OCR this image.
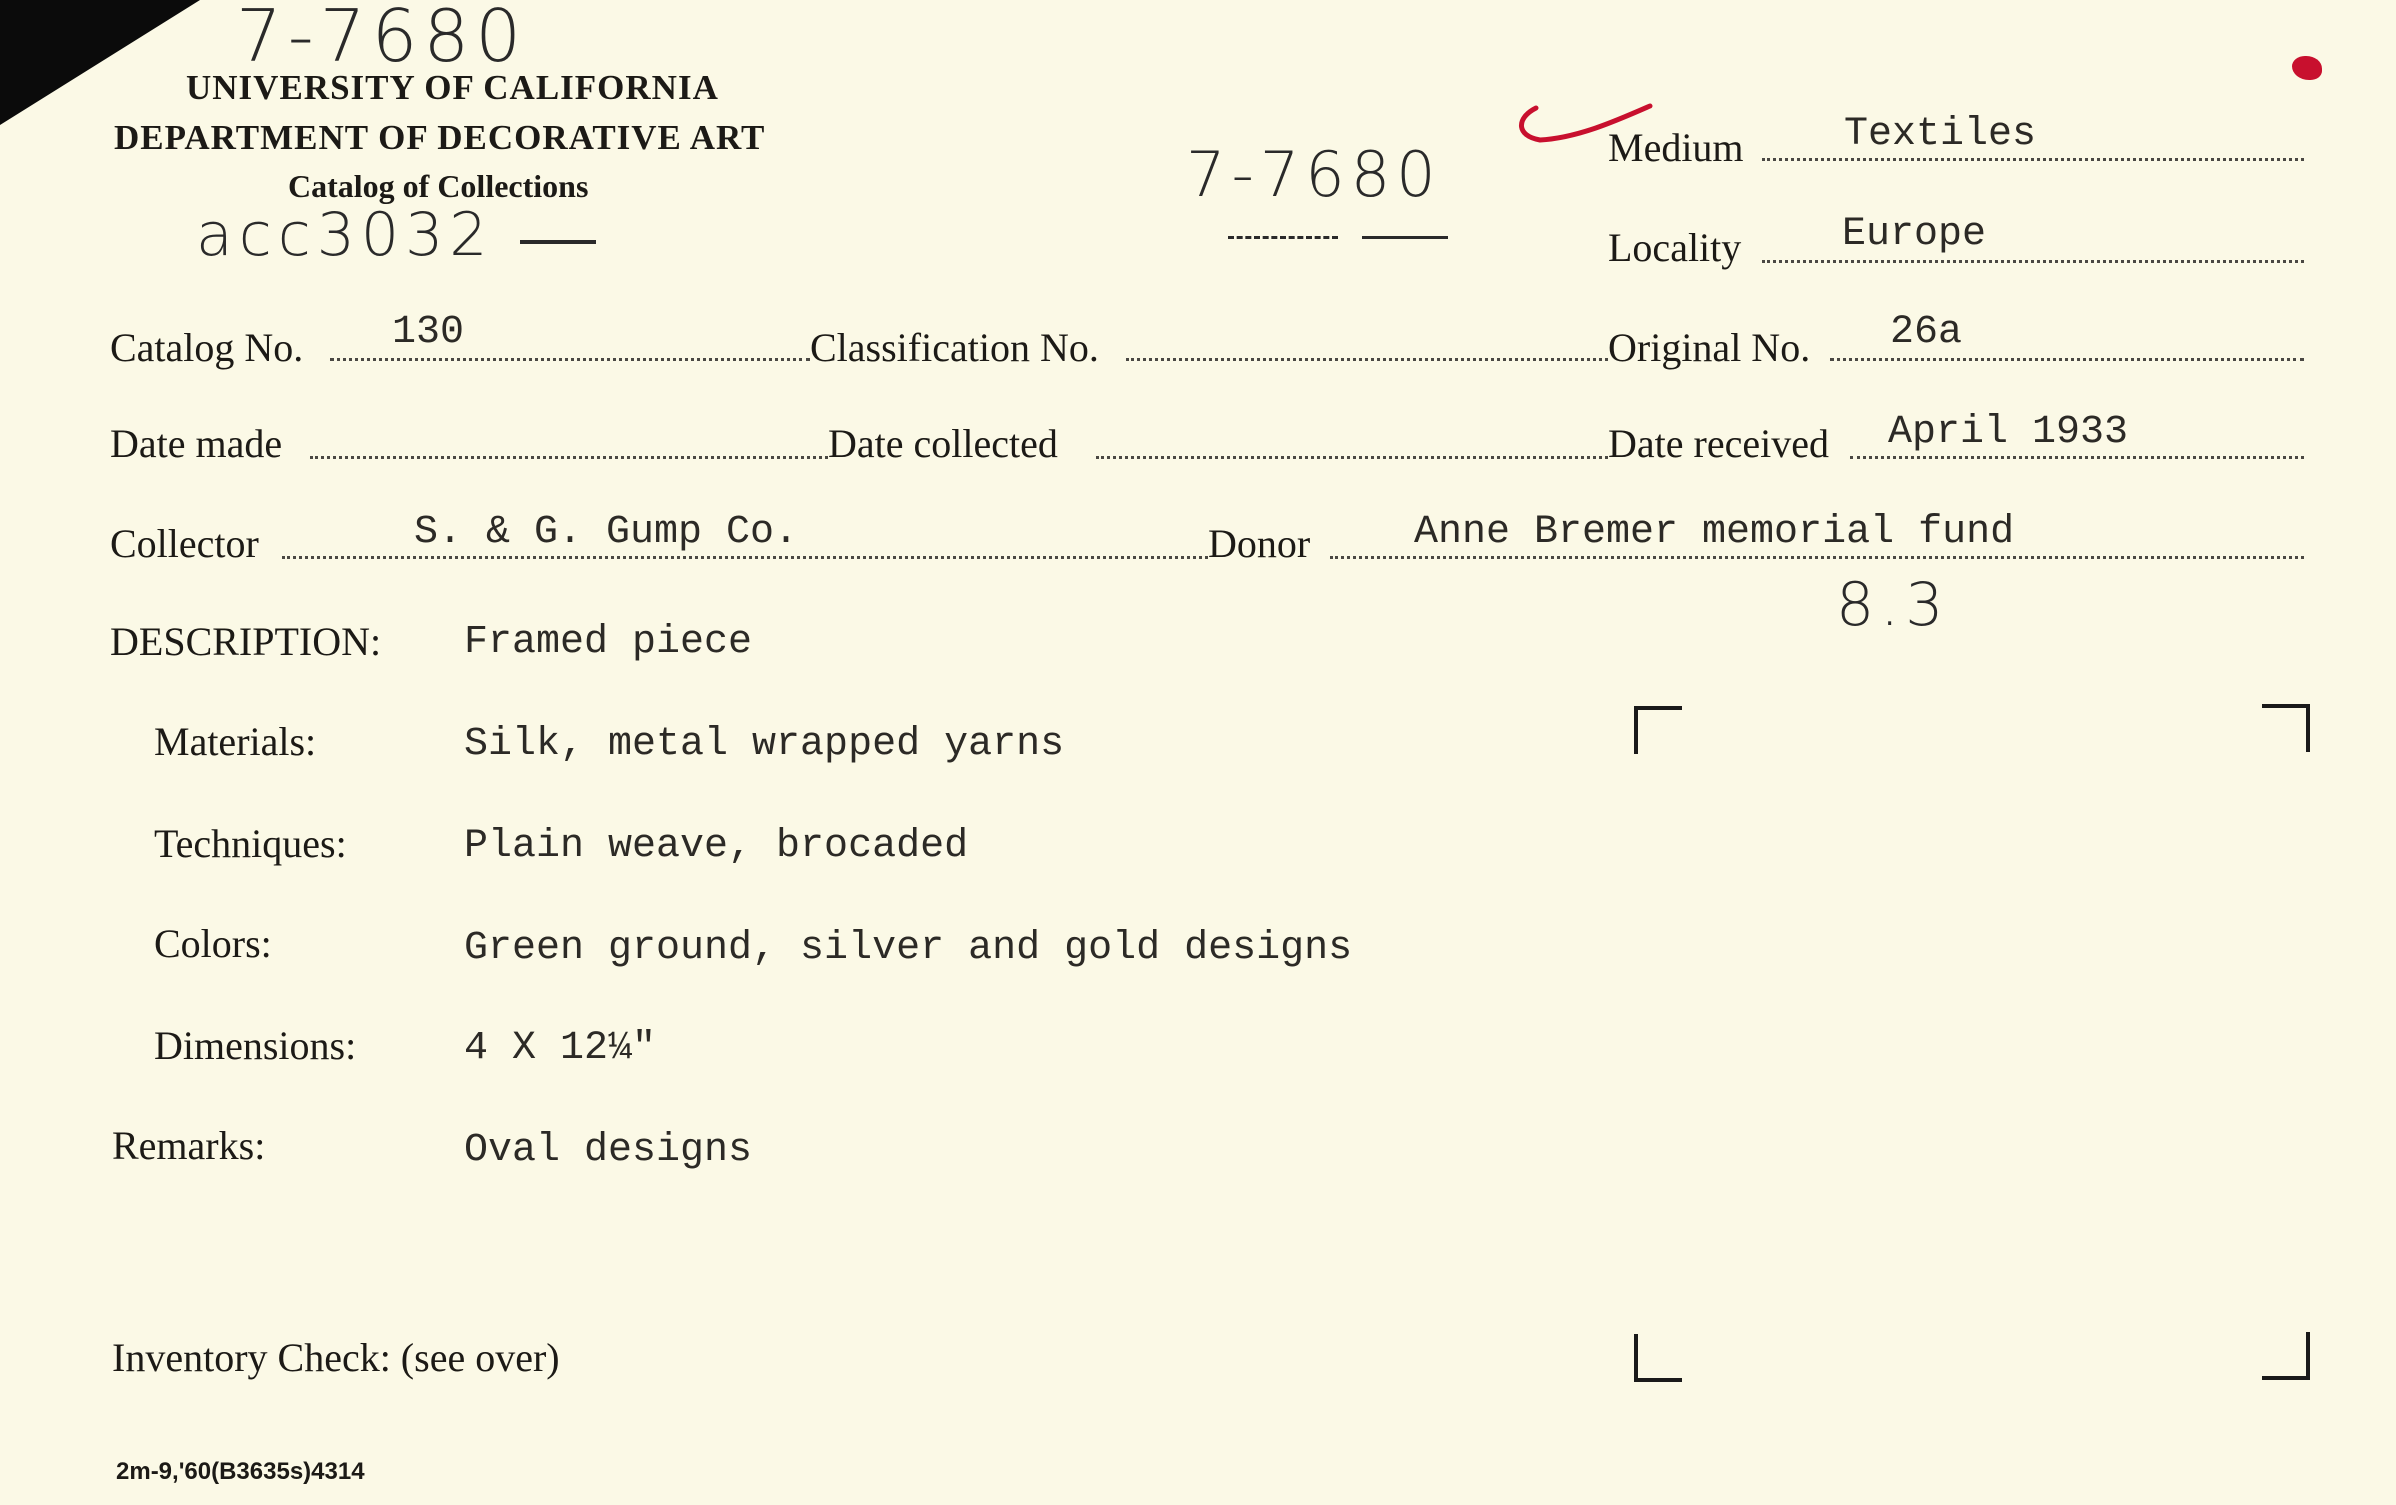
7-7680
acc3032
7-7680
8.3
UNIVERSITY OF CALIFORNIA
DEPARTMENT OF DECORATIVE ART
Catalog of Collections
Medium	Textiles
Locality	Europe
Catalog No. 130	Classification No.	Original No. 26a
Date made	Date collected	Date received April 1933
Collector	S. & G. Gump Co.	Donor	Anne Bremer memorial fund
DESCRIPTION: Framed piece
Materials:	Silk, metal wrapped yarns
Techniques:	Plain weave, brocaded
Colors:	Green ground, silver and gold designs
Dimensions:	4 X 12¼"
Remarks:	Oval designs
Inventory Check: (see over)
2m-9,'60(B3635s)4314
